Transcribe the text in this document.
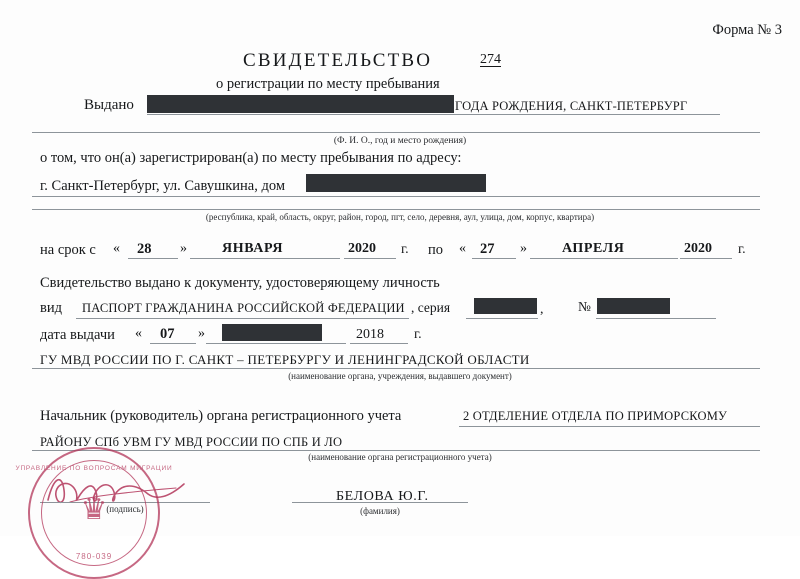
Форма № 3
СВИДЕТЕЛЬСТВО	274
о регистрации по месту пребывания
Выдано	ГОДА РОЖДЕНИЯ, САНКТ-ПЕТЕРБУРГ
(Ф. И. О., год и место рождения)
о том, что он(а) зарегистрирован(а) по месту пребывания по адресу:
г. Санкт-Петербург, ул. Савушкина, дом
(республика, край, область, округ, район, город, пгт, село, деревня, аул, улица, дом, корпус, квартира)
на срок с « 28 »	ЯНВАРЯ	2020 г. по « 27 »	АПРЕЛЯ	2020 г.
Свидетельство выдано к документу, удостоверяющему личность
вид ПАСПОРТ ГРАЖДАНИНА РОССИЙСКОЙ ФЕДЕРАЦИИ , серия	,	№
дата выдачи « 07 »	2018 г.
ГУ МВД РОССИИ ПО Г. САНКТ – ПЕТЕРБУРГУ И ЛЕНИНГРАДСКОЙ ОБЛАСТИ
(наименование органа, учреждения, выдавшего документ)
Начальник (руководитель) органа регистрационного учета	2 ОТДЕЛЕНИЕ ОТДЕЛА ПО ПРИМОРСКОМУ
РАЙОНУ СПб УВМ ГУ МВД РОССИИ ПО СПБ И ЛО
(наименование органа регистрационного учета)
(подпись)
БЕЛОВА Ю.Г.
(фамилия)
УПРАВЛЕНИЕ ПО ВОПРОСАМ МИГРАЦИИ
♛
780-039
